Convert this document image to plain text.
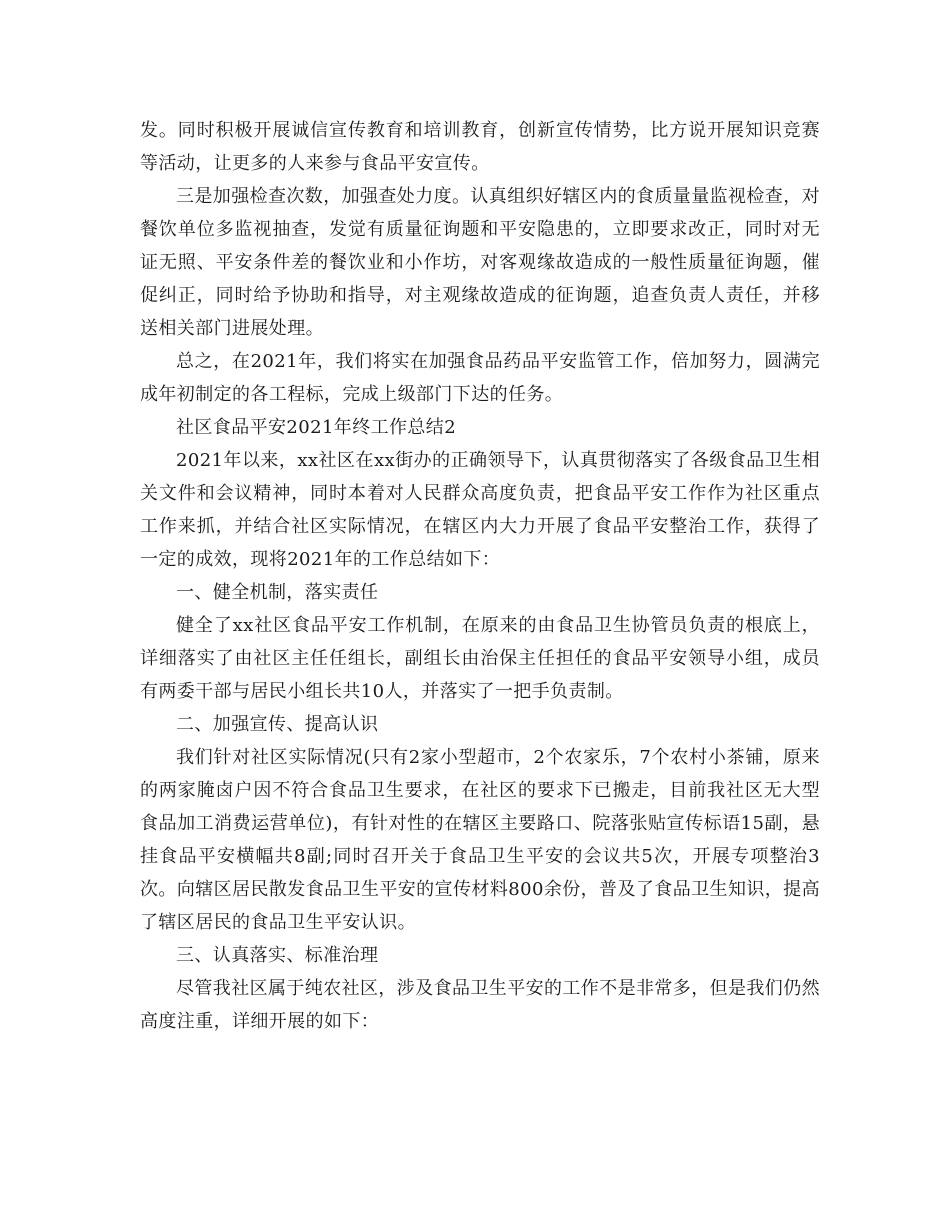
发。同时积极开展诚信宣传教育和培训教育，创新宣传情势，比方说开展知识竞赛等活动，让更多的人来参与食品平安宣传。

三是加强检查次数，加强查处力度。认真组织好辖区内的食质量量监视检查，对餐饮单位多监视抽查，发觉有质量征询题和平安隐患的，立即要求改正，同时对无证无照、平安条件差的餐饮业和小作坊，对客观缘故造成的一般性质量征询题，催促纠正，同时给予协助和指导，对主观缘故造成的征询题，追查负责人责任，并移送相关部门进展处理。

总之，在2021年，我们将实在加强食品药品平安监管工作，倍加努力，圆满完成年初制定的各工程标，完成上级部门下达的任务。

社区食品平安2021年终工作总结2

2021年以来，xx社区在xx街办的正确领导下，认真贯彻落实了各级食品卫生相关文件和会议精神，同时本着对人民群众高度负责，把食品平安工作作为社区重点工作来抓，并结合社区实际情况，在辖区内大力开展了食品平安整治工作，获得了一定的成效，现将2021年的工作总结如下：

一、健全机制，落实责任

健全了xx社区食品平安工作机制，在原来的由食品卫生协管员负责的根底上，详细落实了由社区主任任组长，副组长由治保主任担任的食品平安领导小组，成员有两委干部与居民小组长共10人，并落实了一把手负责制。

二、加强宣传、提高认识

我们针对社区实际情况(只有2家小型超市，2个农家乐，7个农村小茶铺，原来的两家腌卤户因不符合食品卫生要求，在社区的要求下已搬走，目前我社区无大型食品加工消费运营单位)，有针对性的在辖区主要路口、院落张贴宣传标语15副，悬挂食品平安横幅共8副;同时召开关于食品卫生平安的会议共5次，开展专项整治3次。向辖区居民散发食品卫生平安的宣传材料800余份，普及了食品卫生知识，提高了辖区居民的食品卫生平安认识。

三、认真落实、标准治理

尽管我社区属于纯农社区，涉及食品卫生平安的工作不是非常多，但是我们仍然高度注重，详细开展的如下：
